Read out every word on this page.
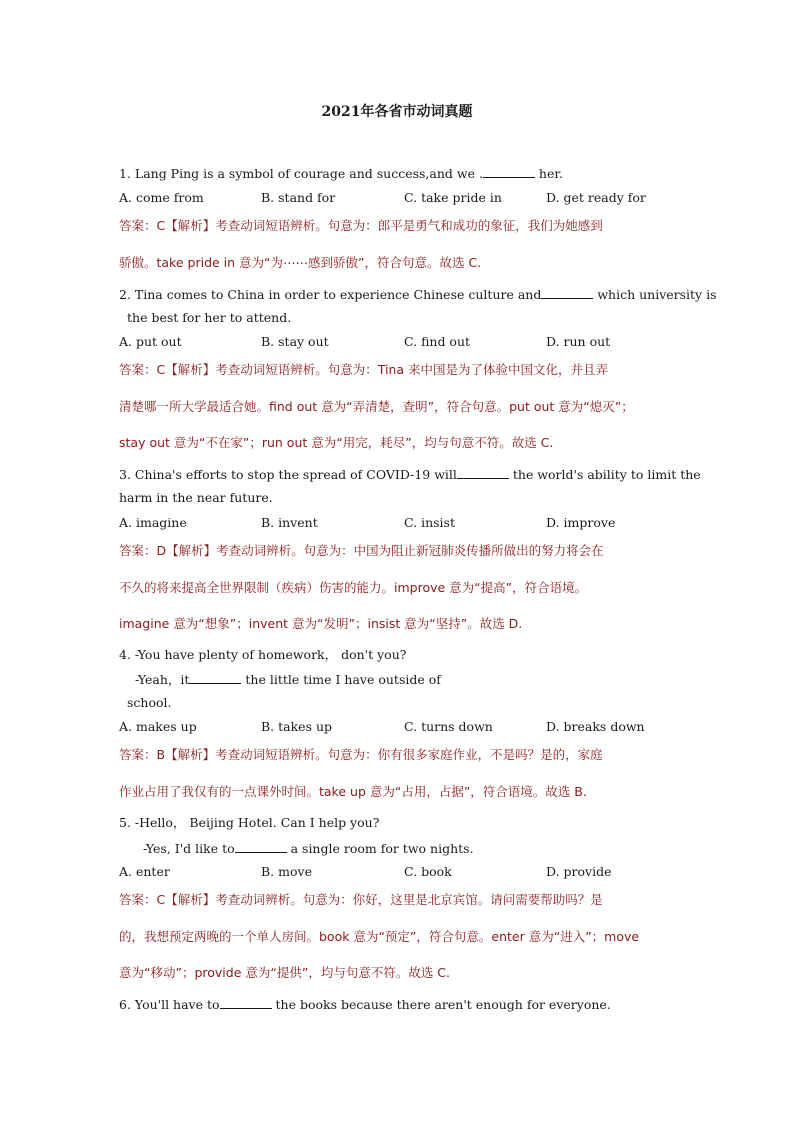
2021年各省市动词真题
1. Lang Ping is a symbol of courage and success,and we .	her.
A. come from	B. stand for	C. take pride in	D. get ready for
答案：C【解析】考查动词短语辨析。句意为：郎平是勇气和成功的象征，我们为她感到
骄傲。take pride in 意为“为⋯⋯感到骄傲”，符合句意。故选 C.
2. Tina comes to China in order to experience Chinese culture and	which university is
the best for her to attend.
A. put out	B. stay out	C. find out	D. run out
答案：C【解析】考查动词短语辨析。句意为：Tina 来中国是为了体验中国文化，并且弄
清楚哪一所大学最适合她。find out 意为“弄清楚，查明”，符合句意。put out 意为“熄灭”；
stay out 意为“不在家”；run out 意为“用完，耗尽”，均与句意不符。故选 C.
3. China's efforts to stop the spread of COVID-19 will	the world's ability to limit the
harm in the near future.
A. imagine	B. invent	C. insist	D. improve
答案：D【解析】考查动词辨析。句意为：中国为阻止新冠肺炎传播所做出的努力将会在
不久的将来提高全世界限制（疾病）伤害的能力。improve 意为“提高”，符合语境。
imagine 意为“想象”；invent 意为“发明”；insist 意为“坚持”。故选 D.
4. -You have plenty of homework， don't you?
-Yeah，it	the little time I have outside of
school.
A. makes up	B. takes up	C. turns down	D. breaks down
答案：B【解析】考查动词短语辨析。句意为：你有很多家庭作业，不是吗？是的，家庭
作业占用了我仅有的一点课外时间。take up 意为“占用，占据”，符合语境。故选 B.
5. -Hello， Beijing Hotel. Can I help you?
-Yes, I'd like to	a single room for two nights.
A. enter	B. move	C. book	D. provide
答案：C【解析】考查动词辨析。句意为：你好，这里是北京宾馆。请问需要帮助吗？是
的，我想预定两晚的一个单人房间。book 意为“预定”，符合句意。enter 意为“进入”；move
意为“移动”；provide 意为“提供”，均与句意不符。故选 C.
6. You'll have to	the books because there aren't enough for everyone.
